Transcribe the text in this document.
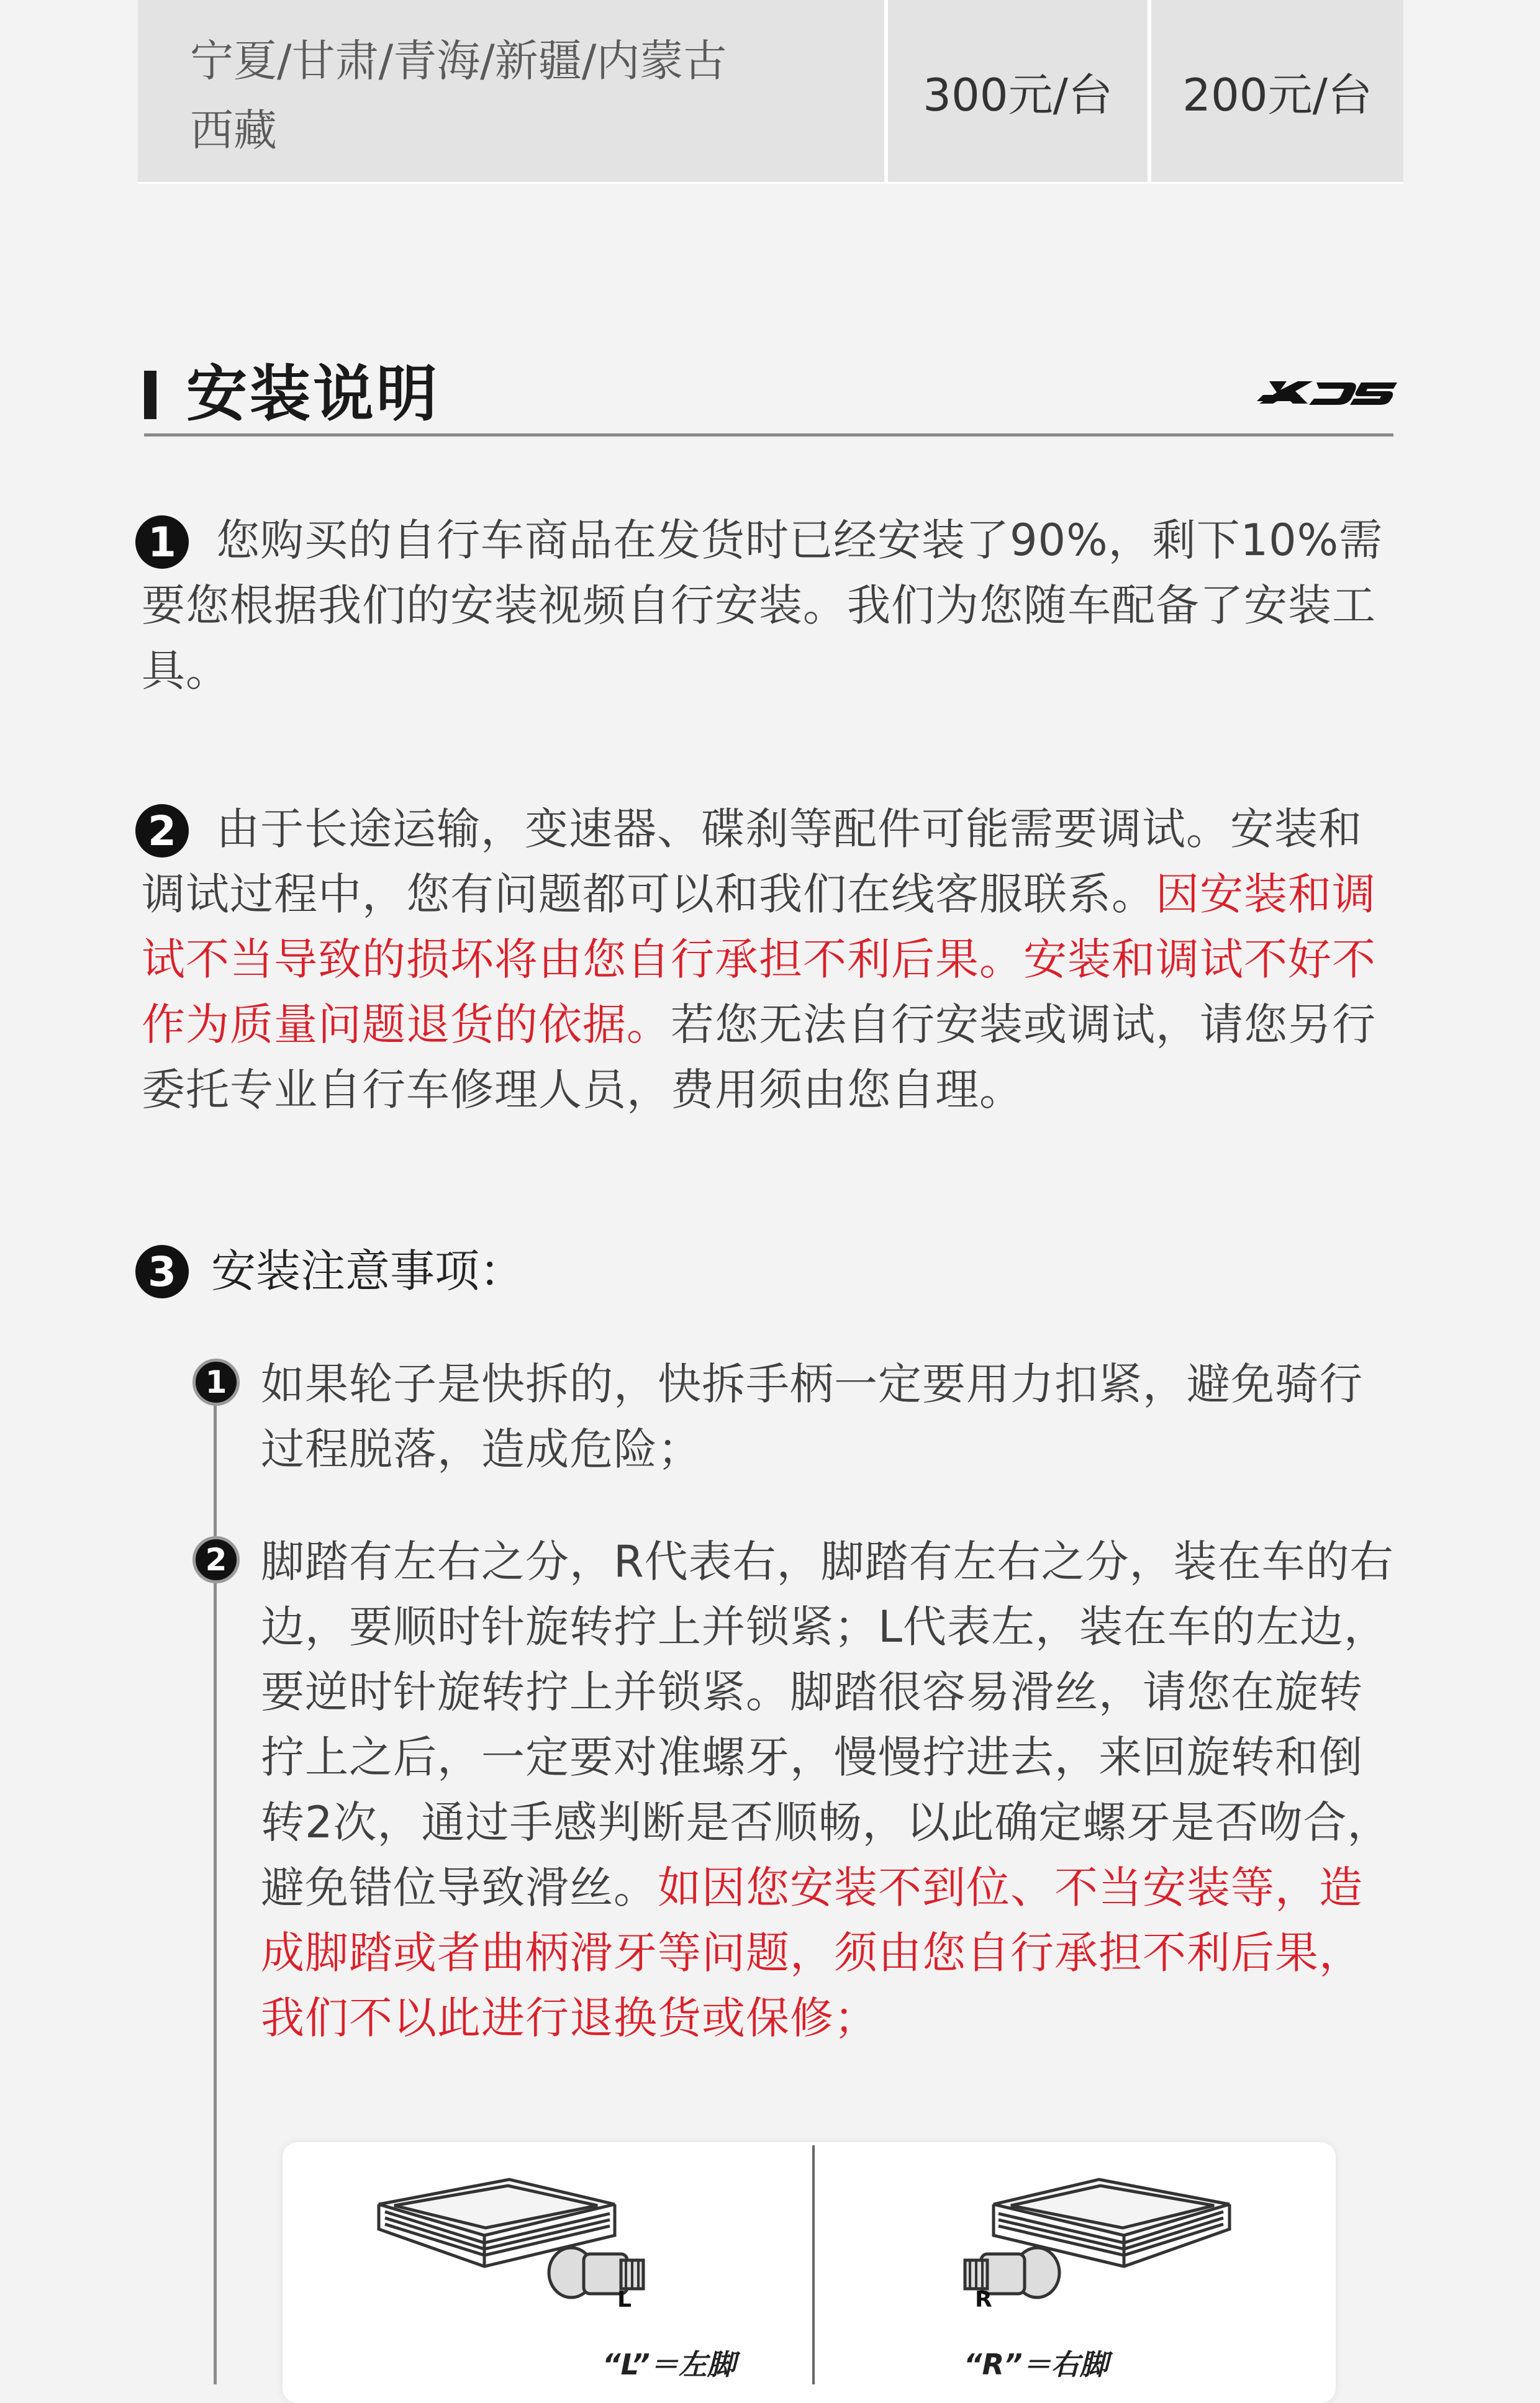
宁夏/甘肃/青海/新疆/内蒙古
西藏
300元/台	200元/台
安装说明
1 您购买的自行车商品在发货时已经安装了90%，剩下10%需要您根据我们的安装视频自行安装。我们为您随车配备了安装工具。
2 由于长途运输，变速器、碟刹等配件可能需要调试。安装和调试过程中，您有问题都可以和我们在线客服联系。因安装和调试不当导致的损坏将由您自行承担不利后果。安装和调试不好不作为质量问题退货的依据。若您无法自行安装或调试，请您另行委托专业自行车修理人员，费用须由您自理。
3 安装注意事项：
1 如果轮子是快拆的，快拆手柄一定要用力扣紧，避免骑行过程脱落，造成危险；
2 脚踏有左右之分，R代表右，脚踏有左右之分，装在车的右边，要顺时针旋转拧上并锁紧；L代表左，装在车的左边，要逆时针旋转拧上并锁紧。脚踏很容易滑丝，请您在旋转拧上之后，一定要对准螺牙，慢慢拧进去，来回旋转和倒转2次，通过手感判断是否顺畅，以此确定螺牙是否吻合，避免错位导致滑丝。如因您安装不到位、不当安装等，造成脚踏或者曲柄滑牙等问题，须由您自行承担不利后果，我们不以此进行退换货或保修；
L
“L”＝左脚
R
“R”＝右脚
